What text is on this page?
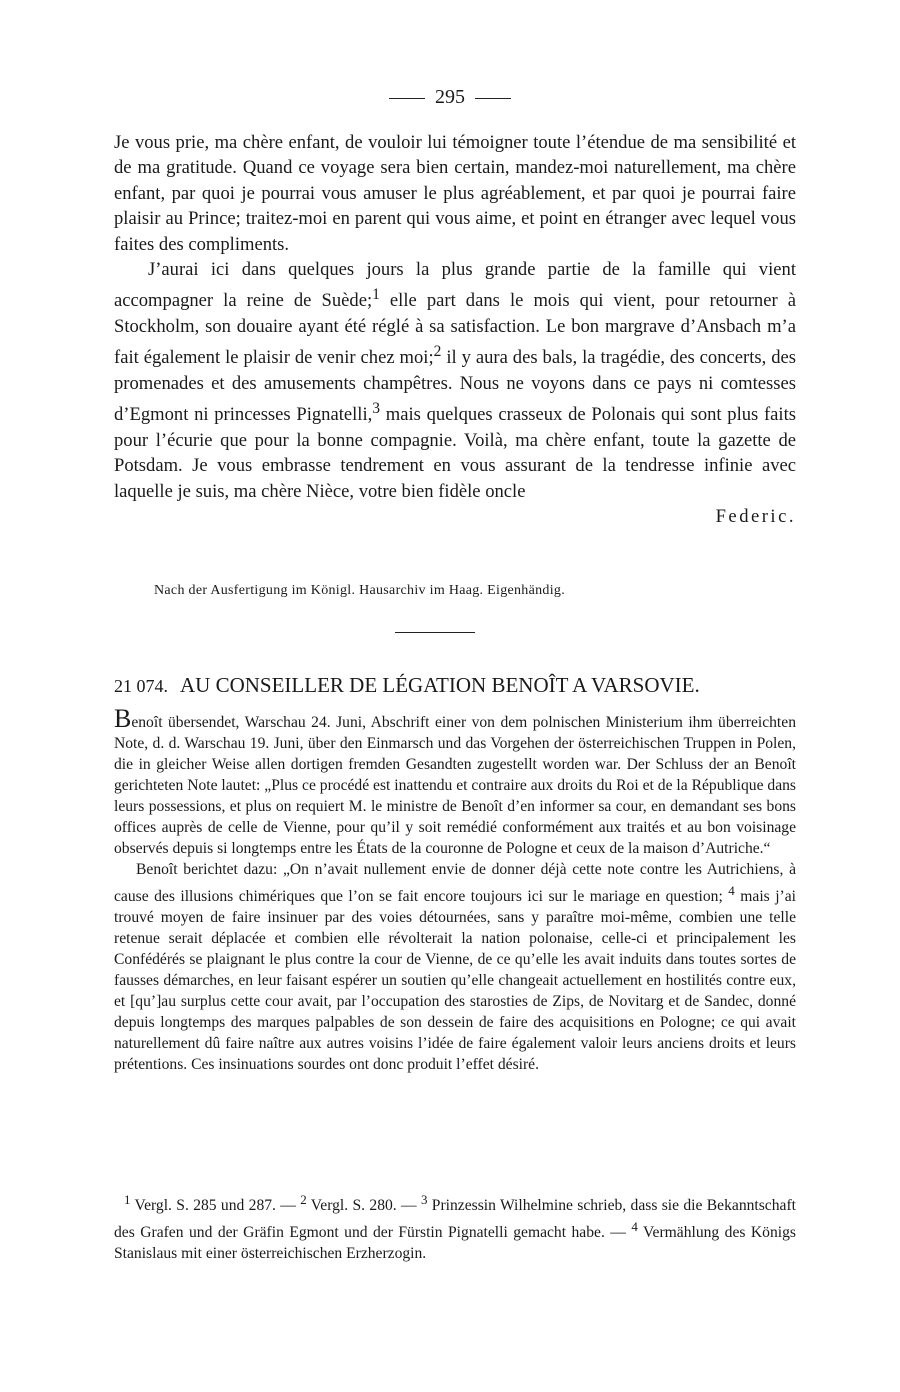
295

Je vous prie, ma chère enfant, de vouloir lui témoigner toute l’étendue de ma sensibilité et de ma gratitude. Quand ce voyage sera bien certain, mandez-moi naturellement, ma chère enfant, par quoi je pourrai vous amuser le plus agréablement, et par quoi je pourrai faire plaisir au Prince; traitez-moi en parent qui vous aime, et point en étranger avec lequel vous faites des compliments.

J’aurai ici dans quelques jours la plus grande partie de la famille qui vient accompagner la reine de Suède;$^1$ elle part dans le mois qui vient, pour retourner à Stockholm, son douaire ayant été réglé à sa satisfaction. Le bon margrave d’Ansbach m’a fait également le plaisir de venir chez moi;$^2$ il y aura des bals, la tragédie, des concerts, des promenades et des amusements champêtres. Nous ne voyons dans ce pays ni comtesses d’Egmont ni princesses Pignatelli,$^3$ mais quelques crasseux de Polonais qui sont plus faits pour l’écurie que pour la bonne compagnie. Voilà, ma chère enfant, toute la gazette de Potsdam. Je vous embrasse tendrement en vous assurant de la tendresse infinie avec laquelle je suis, ma chère Nièce, votre bien fidèle oncle

Federic.

Nach der Ausfertigung im Königl. Hausarchiv im Haag. Eigenhändig.
21 074. AU CONSEILLER DE LÉGATION BENOÎT A VARSOVIE.

Benoît übersendet, Warschau 24. Juni, Abschrift einer von dem polnischen Ministerium ihm überreichten Note, d. d. Warschau 19. Juni, über den Einmarsch und das Vorgehen der österreichischen Truppen in Polen, die in gleicher Weise allen dortigen fremden Gesandten zugestellt worden war. Der Schluss der an Benoît gerichteten Note lautet: „Plus ce procédé est inattendu et contraire aux droits du Roi et de la République dans leurs possessions, et plus on requiert M. le ministre de Benoît d’en informer sa cour, en demandant ses bons offices auprès de celle de Vienne, pour qu’il y soit remédié conformément aux traités et au bon voisinage observés depuis si longtemps entre les États de la couronne de Pologne et ceux de la maison d’Autriche.“

Benoît berichtet dazu: „On n’avait nullement envie de donner déjà cette note contre les Autrichiens, à cause des illusions chimériques que l’on se fait encore toujours ici sur le mariage en question; $^4$ mais j’ai trouvé moyen de faire insinuer par des voies détournées, sans y paraître moi-même, combien une telle retenue serait déplacée et combien elle révolterait la nation polonaise, celle-ci et principalement les Confédérés se plaignant le plus contre la cour de Vienne, de ce qu’elle les avait induits dans toutes sortes de fausses démarches, en leur faisant espérer un soutien qu’elle changeait actuellement en hostilités contre eux, et [qu’]au surplus cette cour avait, par l’occupation des starosties de Zips, de Novitarg et de Sandec, donné depuis longtemps des marques palpables de son dessein de faire des acquisitions en Pologne; ce qui avait naturellement dû faire naître aux autres voisins l’idée de faire également valoir leurs anciens droits et leurs prétentions. Ces insinuations sourdes ont donc produit l’effet désiré.

$^1$ Vergl. S. 285 und 287. — $^2$ Vergl. S. 280. — $^3$ Prinzessin Wilhelmine schrieb, dass sie die Bekanntschaft des Grafen und der Gräfin Egmont und der Fürstin Pignatelli gemacht habe. — $^4$ Vermählung des Königs Stanislaus mit einer österreichischen Erzherzogin.
